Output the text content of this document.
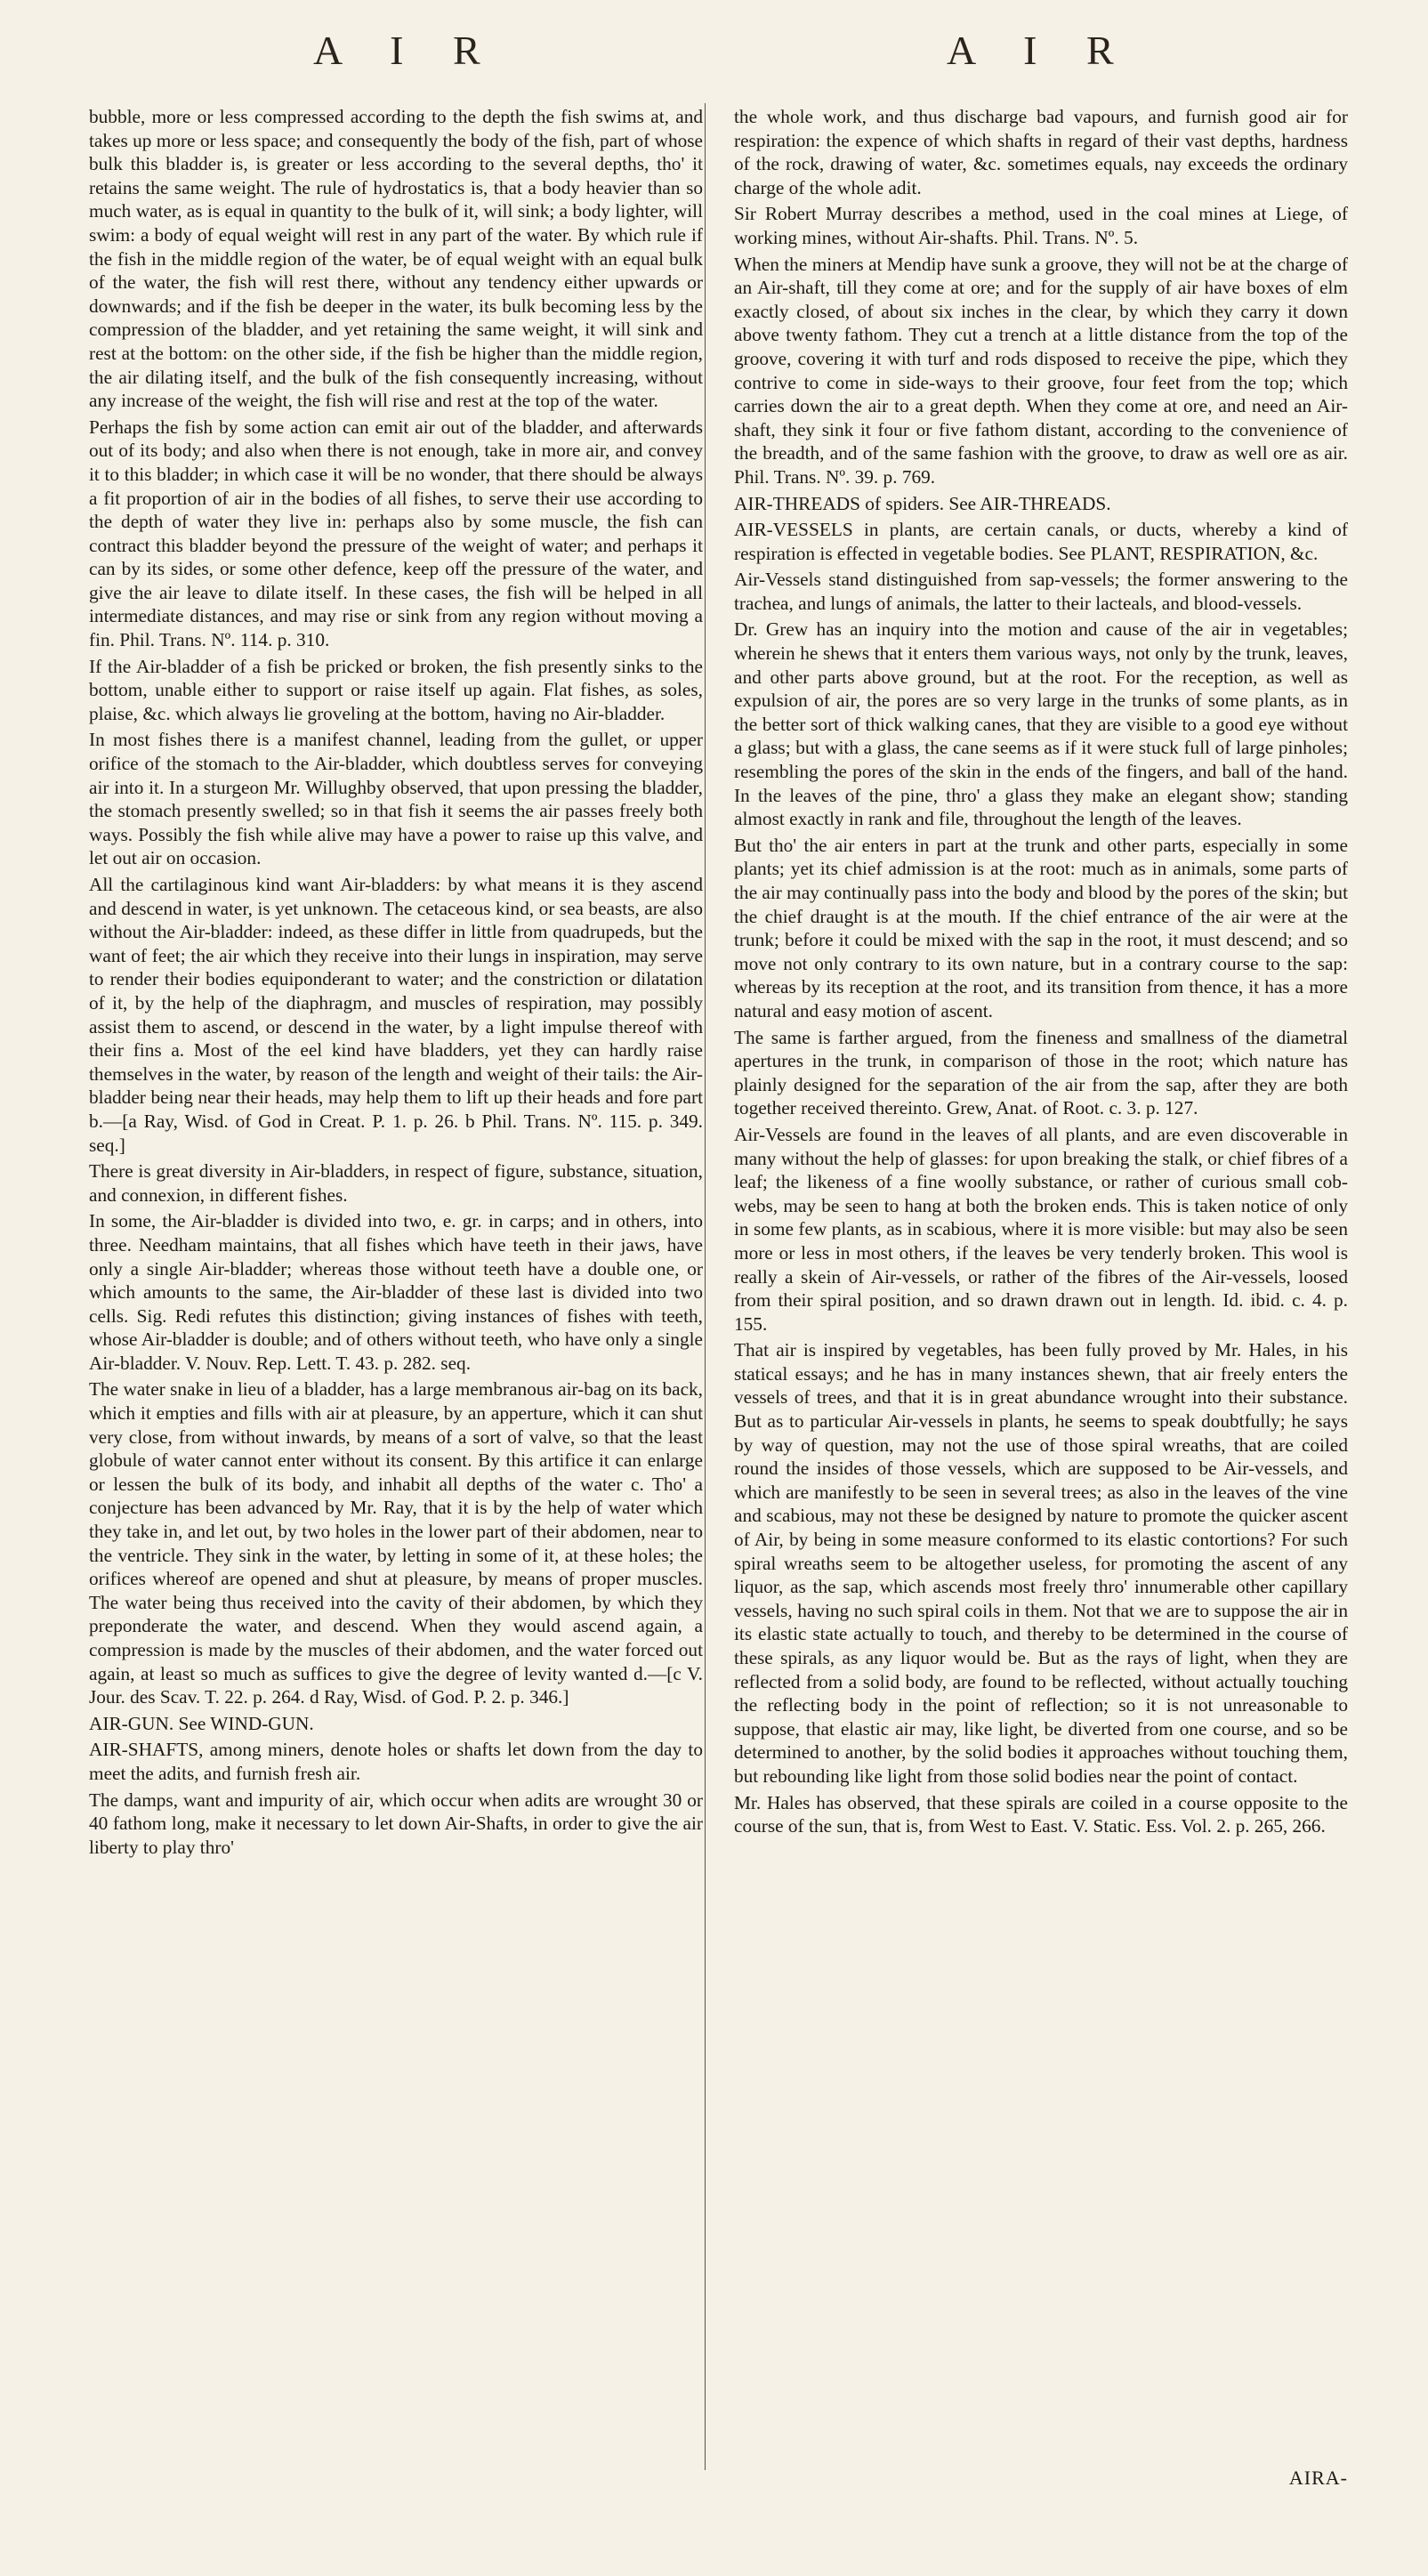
A I R	A I R

bubble, more or less compressed according to the depth the fish swims at, and takes up more or less space; and consequently the body of the fish, part of whose bulk this bladder is, is greater or less according to the several depths, tho' it retains the same weight. The rule of hydrostatics is, that a body heavier than so much water, as is equal in quantity to the bulk of it, will sink; a body lighter, will swim: a body of equal weight will rest in any part of the water. By which rule if the fish in the middle region of the water, be of equal weight with an equal bulk of the water, the fish will rest there, without any tendency either upwards or downwards; and if the fish be deeper in the water, its bulk becoming less by the compression of the bladder, and yet retaining the same weight, it will sink and rest at the bottom: on the other side, if the fish be higher than the middle region, the air dilating itself, and the bulk of the fish consequently increasing, without any increase of the weight, the fish will rise and rest at the top of the water.

Perhaps the fish by some action can emit air out of the bladder, and afterwards out of its body; and also when there is not enough, take in more air, and convey it to this bladder; in which case it will be no wonder, that there should be always a fit proportion of air in the bodies of all fishes, to serve their use according to the depth of water they live in: perhaps also by some muscle, the fish can contract this bladder beyond the pressure of the weight of water; and perhaps it can by its sides, or some other defence, keep off the pressure of the water, and give the air leave to dilate itself. In these cases, the fish will be helped in all intermediate distances, and may rise or sink from any region without moving a fin. Phil. Trans. Nº. 114. p. 310.

If the Air-bladder of a fish be pricked or broken, the fish presently sinks to the bottom, unable either to support or raise itself up again. Flat fishes, as soles, plaise, &c. which always lie groveling at the bottom, having no Air-bladder.

In most fishes there is a manifest channel, leading from the gullet, or upper orifice of the stomach to the Air-bladder, which doubtless serves for conveying air into it. In a sturgeon Mr. Willughby observed, that upon pressing the bladder, the stomach presently swelled; so in that fish it seems the air passes freely both ways. Possibly the fish while alive may have a power to raise up this valve, and let out air on occasion.

All the cartilaginous kind want Air-bladders: by what means it is they ascend and descend in water, is yet unknown. The cetaceous kind, or sea beasts, are also without the Air-bladder: indeed, as these differ in little from quadrupeds, but the want of feet; the air which they receive into their lungs in inspiration, may serve to render their bodies equiponderant to water; and the constriction or dilatation of it, by the help of the diaphragm, and muscles of respiration, may possibly assist them to ascend, or descend in the water, by a light impulse thereof with their fins a. Most of the eel kind have bladders, yet they can hardly raise themselves in the water, by reason of the length and weight of their tails: the Air-bladder being near their heads, may help them to lift up their heads and fore part b.—[a Ray, Wisd. of God in Creat. P. 1. p. 26. b Phil. Trans. Nº. 115. p. 349. seq.]

There is great diversity in Air-bladders, in respect of figure, substance, situation, and connexion, in different fishes.

In some, the Air-bladder is divided into two, e. gr. in carps; and in others, into three. Needham maintains, that all fishes which have teeth in their jaws, have only a single Air-bladder; whereas those without teeth have a double one, or which amounts to the same, the Air-bladder of these last is divided into two cells. Sig. Redi refutes this distinction; giving instances of fishes with teeth, whose Air-bladder is double; and of others without teeth, who have only a single Air-bladder. V. Nouv. Rep. Lett. T. 43. p. 282. seq.

The water snake in lieu of a bladder, has a large membranous air-bag on its back, which it empties and fills with air at pleasure, by an apperture, which it can shut very close, from without inwards, by means of a sort of valve, so that the least globule of water cannot enter without its consent. By this artifice it can enlarge or lessen the bulk of its body, and inhabit all depths of the water c. Tho' a conjecture has been advanced by Mr. Ray, that it is by the help of water which they take in, and let out, by two holes in the lower part of their abdomen, near to the ventricle. They sink in the water, by letting in some of it, at these holes; the orifices whereof are opened and shut at pleasure, by means of proper muscles. The water being thus received into the cavity of their abdomen, by which they preponderate the water, and descend. When they would ascend again, a compression is made by the muscles of their abdomen, and the water forced out again, at least so much as suffices to give the degree of levity wanted d.—[c V. Jour. des Scav. T. 22. p. 264. d Ray, Wisd. of God. P. 2. p. 346.]

AIR-GUN. See WIND-GUN.

AIR-SHAFTS, among miners, denote holes or shafts let down from the day to meet the adits, and furnish fresh air.

The damps, want and impurity of air, which occur when adits are wrought 30 or 40 fathom long, make it necessary to let down Air-Shafts, in order to give the air liberty to play thro'

the whole work, and thus discharge bad vapours, and furnish good air for respiration: the expence of which shafts in regard of their vast depths, hardness of the rock, drawing of water, &c. sometimes equals, nay exceeds the ordinary charge of the whole adit.

Sir Robert Murray describes a method, used in the coal mines at Liege, of working mines, without Air-shafts. Phil. Trans. Nº. 5.

When the miners at Mendip have sunk a groove, they will not be at the charge of an Air-shaft, till they come at ore; and for the supply of air have boxes of elm exactly closed, of about six inches in the clear, by which they carry it down above twenty fathom. They cut a trench at a little distance from the top of the groove, covering it with turf and rods disposed to receive the pipe, which they contrive to come in side-ways to their groove, four feet from the top; which carries down the air to a great depth. When they come at ore, and need an Air-shaft, they sink it four or five fathom distant, according to the convenience of the breadth, and of the same fashion with the groove, to draw as well ore as air. Phil. Trans. Nº. 39. p. 769.

AIR-THREADS of spiders. See AIR-THREADS.

AIR-VESSELS in plants, are certain canals, or ducts, whereby a kind of respiration is effected in vegetable bodies. See PLANT, RESPIRATION, &c.

Air-Vessels stand distinguished from sap-vessels; the former answering to the trachea, and lungs of animals, the latter to their lacteals, and blood-vessels.

Dr. Grew has an inquiry into the motion and cause of the air in vegetables; wherein he shews that it enters them various ways, not only by the trunk, leaves, and other parts above ground, but at the root. For the reception, as well as expulsion of air, the pores are so very large in the trunks of some plants, as in the better sort of thick walking canes, that they are visible to a good eye without a glass; but with a glass, the cane seems as if it were stuck full of large pinholes; resembling the pores of the skin in the ends of the fingers, and ball of the hand. In the leaves of the pine, thro' a glass they make an elegant show; standing almost exactly in rank and file, throughout the length of the leaves.

But tho' the air enters in part at the trunk and other parts, especially in some plants; yet its chief admission is at the root: much as in animals, some parts of the air may continually pass into the body and blood by the pores of the skin; but the chief draught is at the mouth. If the chief entrance of the air were at the trunk; before it could be mixed with the sap in the root, it must descend; and so move not only contrary to its own nature, but in a contrary course to the sap: whereas by its reception at the root, and its transition from thence, it has a more natural and easy motion of ascent.

The same is farther argued, from the fineness and smallness of the diametral apertures in the trunk, in comparison of those in the root; which nature has plainly designed for the separation of the air from the sap, after they are both together received thereinto. Grew, Anat. of Root. c. 3. p. 127.

Air-Vessels are found in the leaves of all plants, and are even discoverable in many without the help of glasses: for upon breaking the stalk, or chief fibres of a leaf; the likeness of a fine woolly substance, or rather of curious small cob-webs, may be seen to hang at both the broken ends. This is taken notice of only in some few plants, as in scabious, where it is more visible: but may also be seen more or less in most others, if the leaves be very tenderly broken. This wool is really a skein of Air-vessels, or rather of the fibres of the Air-vessels, loosed from their spiral position, and so drawn drawn out in length. Id. ibid. c. 4. p. 155.

That air is inspired by vegetables, has been fully proved by Mr. Hales, in his statical essays; and he has in many instances shewn, that air freely enters the vessels of trees, and that it is in great abundance wrought into their substance. But as to particular Air-vessels in plants, he seems to speak doubtfully; he says by way of question, may not the use of those spiral wreaths, that are coiled round the insides of those vessels, which are supposed to be Air-vessels, and which are manifestly to be seen in several trees; as also in the leaves of the vine and scabious, may not these be designed by nature to promote the quicker ascent of Air, by being in some measure conformed to its elastic contortions? For such spiral wreaths seem to be altogether useless, for promoting the ascent of any liquor, as the sap, which ascends most freely thro' innumerable other capillary vessels, having no such spiral coils in them. Not that we are to suppose the air in its elastic state actually to touch, and thereby to be determined in the course of these spirals, as any liquor would be. But as the rays of light, when they are reflected from a solid body, are found to be reflected, without actually touching the reflecting body in the point of reflection; so it is not unreasonable to suppose, that elastic air may, like light, be diverted from one course, and so be determined to another, by the solid bodies it approaches without touching them, but rebounding like light from those solid bodies near the point of contact.

Mr. Hales has observed, that these spirals are coiled in a course opposite to the course of the sun, that is, from West to East. V. Static. Ess. Vol. 2. p. 265, 266.

AIRA-
